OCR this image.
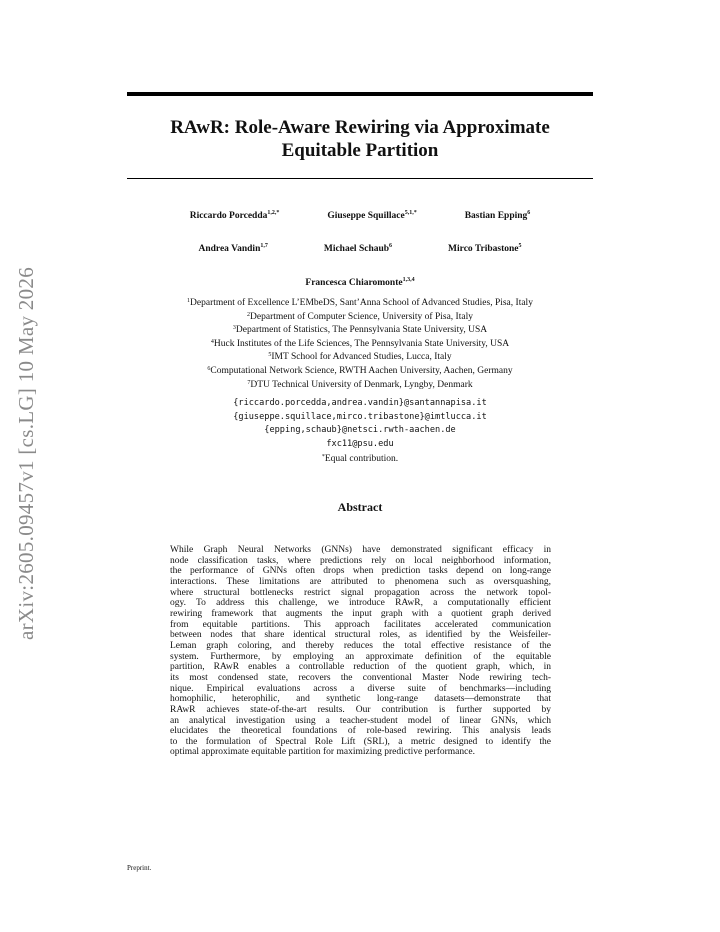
arXiv:2605.09457v1 [cs.LG] 10 May 2026
RAwR: Role-Aware Rewiring via Approximate
Equitable Partition
Riccardo Porcedda$^{1,2,*}$	Giuseppe Squillace$^{5,1,*}$	Bastian Epping$^6$
Andrea Vandin$^{1,7}$	Michael Schaub$^6$	Mirco Tribastone$^5$
Francesca Chiaromonte$^{1,3,4}$
$^1$Department of Excellence L’EMbeDS, Sant’Anna School of Advanced Studies, Pisa, Italy
$^2$Department of Computer Science, University of Pisa, Italy
$^3$Department of Statistics, The Pennsylvania State University, USA
$^4$Huck Institutes of the Life Sciences, The Pennsylvania State University, USA
$^5$IMT School for Advanced Studies, Lucca, Italy
$^6$Computational Network Science, RWTH Aachen University, Aachen, Germany
$^7$DTU Technical University of Denmark, Lyngby, Denmark
{riccardo.porcedda,andrea.vandin}@santannapisa.it
{giuseppe.squillace,mirco.tribastone}@imtlucca.it
{epping,schaub}@netsci.rwth-aachen.de
fxc11@psu.edu
*Equal contribution.
Abstract
While Graph Neural Networks (GNNs) have demonstrated significant efficacy in
node classification tasks, where predictions rely on local neighborhood information,
the performance of GNNs often drops when prediction tasks depend on long-range
interactions. These limitations are attributed to phenomena such as oversquashing,
where structural bottlenecks restrict signal propagation across the network topol-
ogy. To address this challenge, we introduce RAwR, a computationally efficient
rewiring framework that augments the input graph with a quotient graph derived
from equitable partitions. This approach facilitates accelerated communication
between nodes that share identical structural roles, as identified by the Weisfeiler-
Leman graph coloring, and thereby reduces the total effective resistance of the
system. Furthermore, by employing an approximate definition of the equitable
partition, RAwR enables a controllable reduction of the quotient graph, which, in
its most condensed state, recovers the conventional Master Node rewiring tech-
nique. Empirical evaluations across a diverse suite of benchmarks—including
homophilic, heterophilic, and synthetic long-range datasets—demonstrate that
RAwR achieves state-of-the-art results. Our contribution is further supported by
an analytical investigation using a teacher-student model of linear GNNs, which
elucidates the theoretical foundations of role-based rewiring. This analysis leads
to the formulation of Spectral Role Lift (SRL), a metric designed to identify the
optimal approximate equitable partition for maximizing predictive performance.
Preprint.
